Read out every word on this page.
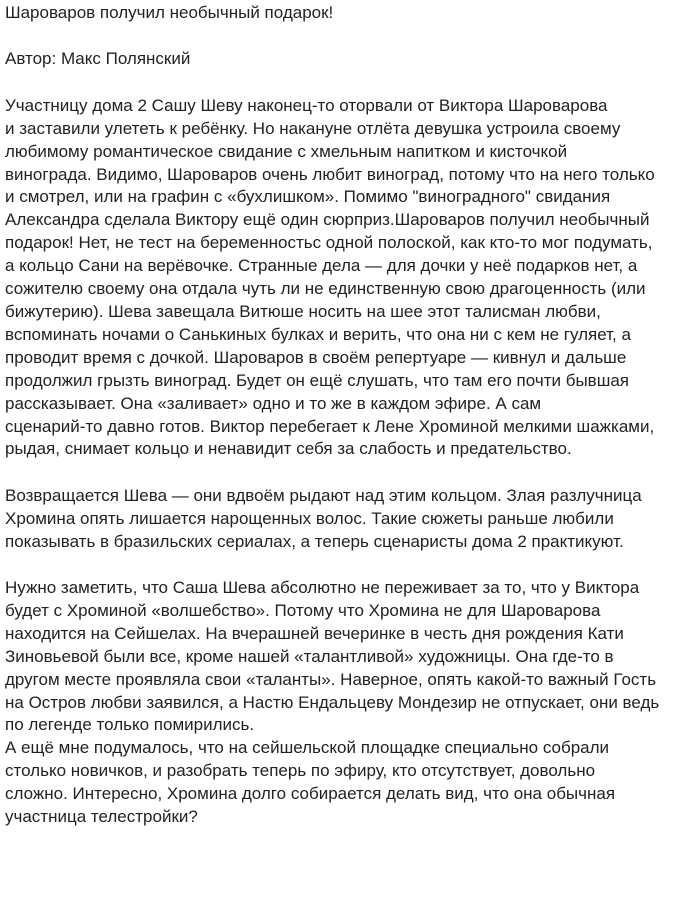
Шароваров получил необычный подарок!

Автор: Макс Полянский

Участницу дома 2 Сашу Шеву наконец-то оторвали от Виктора Шароварова
и заставили улететь к ребёнку. Но накануне отлёта девушка устроила своему
любимому романтическое свидание с хмельным напитком и кисточкой
винограда. Видимо, Шароваров очень любит виноград, потому что на него только
и смотрел, или на графин с «бухлишком». Помимо "виноградного" свидания
Александра сделала Виктору ещё один сюрприз.Шароваров получил необычный
подарок! Нет, не тест на беременностьс одной полоской, как кто-то мог подумать,
а кольцо Сани на верёвочке. Странные дела — для дочки у неё подарков нет, а
сожителю своему она отдала чуть ли не единственную свою драгоценность (или
бижутерию). Шева завещала Витюше носить на шее этот талисман любви,
вспоминать ночами о Санькиных булках и верить, что она ни с кем не гуляет, а
проводит время с дочкой. Шароваров в своём репертуаре — кивнул и дальше
продолжил грызть виноград. Будет он ещё слушать, что там его почти бывшая
рассказывает. Она «заливает» одно и то же в каждом эфире. А сам
сценарий-то давно готов. Виктор перебегает к Лене Хроминой мелкими шажками,
рыдая, снимает кольцо и ненавидит себя за слабость и предательство.

Возвращается Шева — они вдвоём рыдают над этим кольцом. Злая разлучница
Хромина опять лишается нарощенных волос. Такие сюжеты раньше любили
показывать в бразильских сериалах, а теперь сценаристы дома 2 практикуют.

Нужно заметить, что Саша Шева абсолютно не переживает за то, что у Виктора
будет с Хроминой «волшебство». Потому что Хромина не для Шароварова
находится на Сейшелах. На вчерашней вечеринке в честь дня рождения Кати
Зиновьевой были все, кроме нашей «талантливой» художницы. Она где-то в
другом месте проявляла свои «таланты». Наверное, опять какой-то важный Гость
на Остров любви заявился, а Настю Ендальцеву Мондезир не отпускает, они ведь
по легенде только помирились.
А ещё мне подумалось, что на сейшельской площадке специально собрали
столько новичков, и разобрать теперь по эфиру, кто отсутствует, довольно
сложно. Интересно, Хромина долго собирается делать вид, что она обычная
участница телестройки?
